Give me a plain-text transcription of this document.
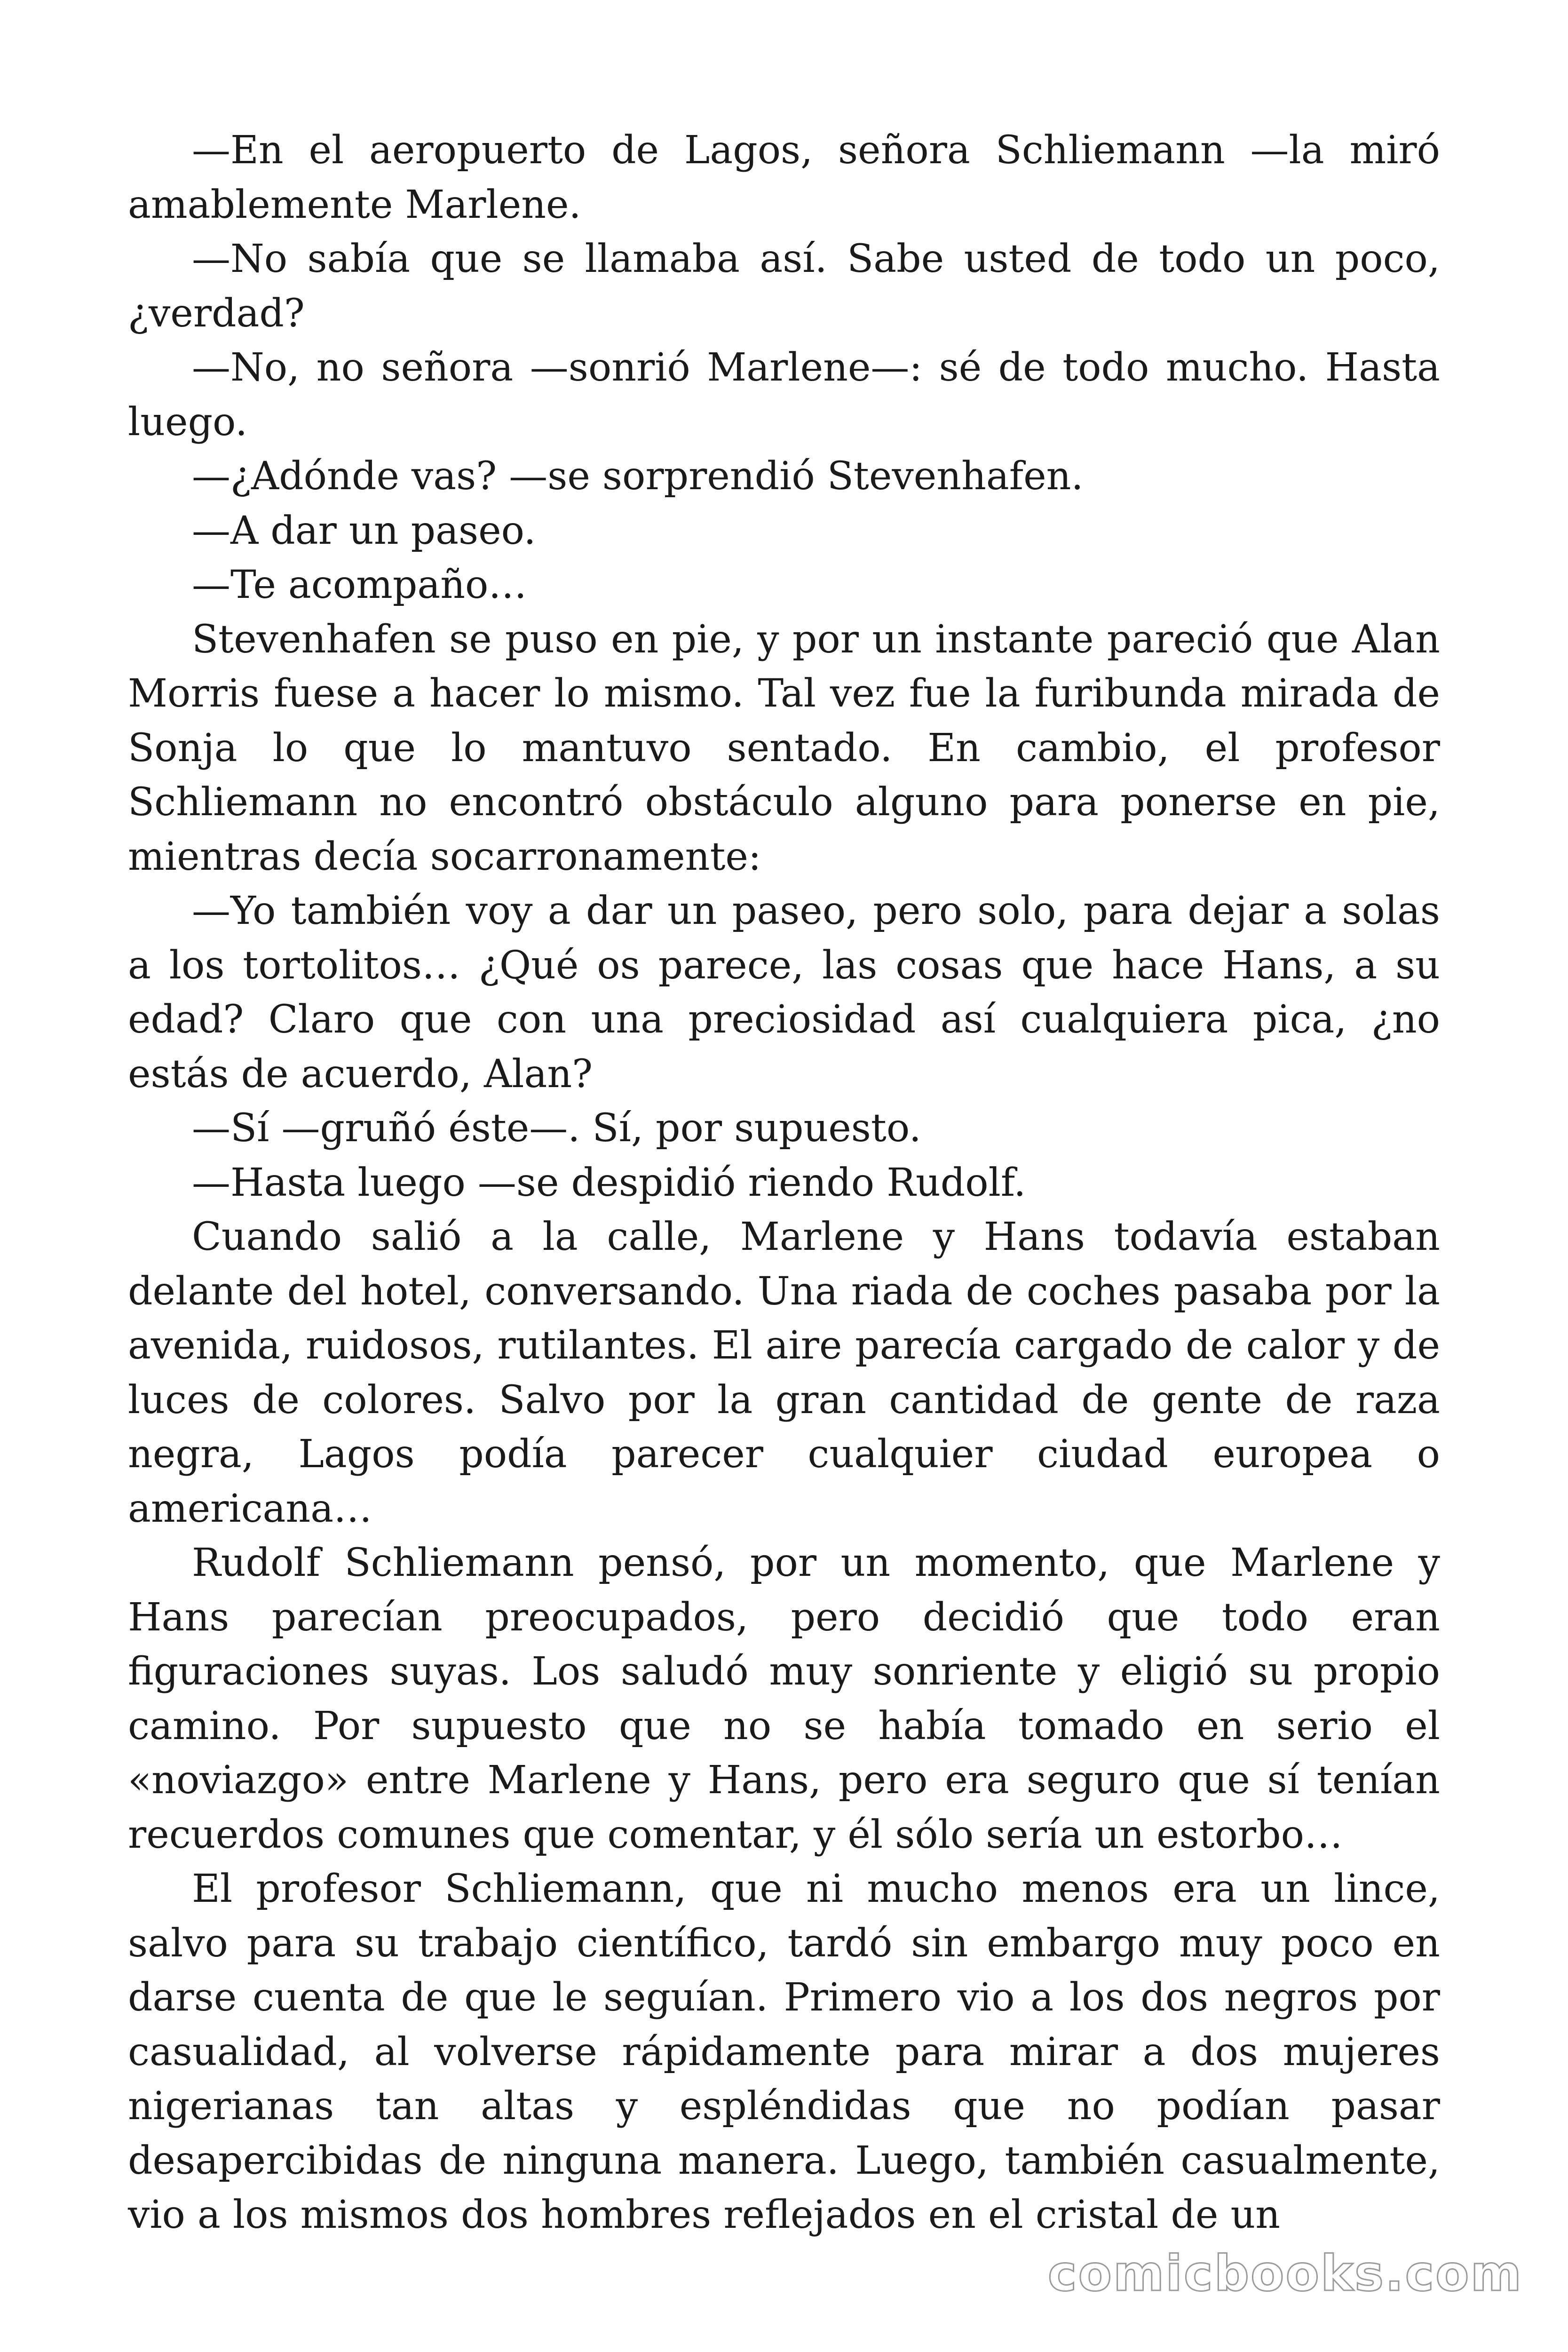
—En el aeropuerto de Lagos, señora Schliemann —la miró amablemente Marlene.

—No sabía que se llamaba así. Sabe usted de todo un poco, ¿verdad?

—No, no señora —sonrió Marlene—: sé de todo mucho. Hasta luego.

—¿Adónde vas? —se sorprendió Stevenhafen.

—A dar un paseo.

—Te acompaño…

Stevenhafen se puso en pie, y por un instante pareció que Alan Morris fuese a hacer lo mismo. Tal vez fue la furibunda mirada de Sonja lo que lo mantuvo sentado. En cambio, el profesor Schliemann no encontró obstáculo alguno para ponerse en pie, mientras decía socarronamente:

—Yo también voy a dar un paseo, pero solo, para dejar a solas a los tortolitos… ¿Qué os parece, las cosas que hace Hans, a su edad? Claro que con una preciosidad así cualquiera pica, ¿no estás de acuerdo, Alan?

—Sí —gruñó éste—. Sí, por supuesto.

—Hasta luego —se despidió riendo Rudolf.

Cuando salió a la calle, Marlene y Hans todavía estaban delante del hotel, conversando. Una riada de coches pasaba por la avenida, ruidosos, rutilantes. El aire parecía cargado de calor y de luces de colores. Salvo por la gran cantidad de gente de raza negra, Lagos podía parecer cualquier ciudad europea o americana…

Rudolf Schliemann pensó, por un momento, que Marlene y Hans parecían preocupados, pero decidió que todo eran figuraciones suyas. Los saludó muy sonriente y eligió su propio camino. Por supuesto que no se había tomado en serio el «noviazgo» entre Marlene y Hans, pero era seguro que sí tenían recuerdos comunes que comentar, y él sólo sería un estorbo…

El profesor Schliemann, que ni mucho menos era un lince, salvo para su trabajo científico, tardó sin embargo muy poco en darse cuenta de que le seguían. Primero vio a los dos negros por casualidad, al volverse rápidamente para mirar a dos mujeres nigerianas tan altas y espléndidas que no podían pasar desapercibidas de ninguna manera. Luego, también casualmente, vio a los mismos dos hombres reflejados en el cristal de un

comicbooks.com
